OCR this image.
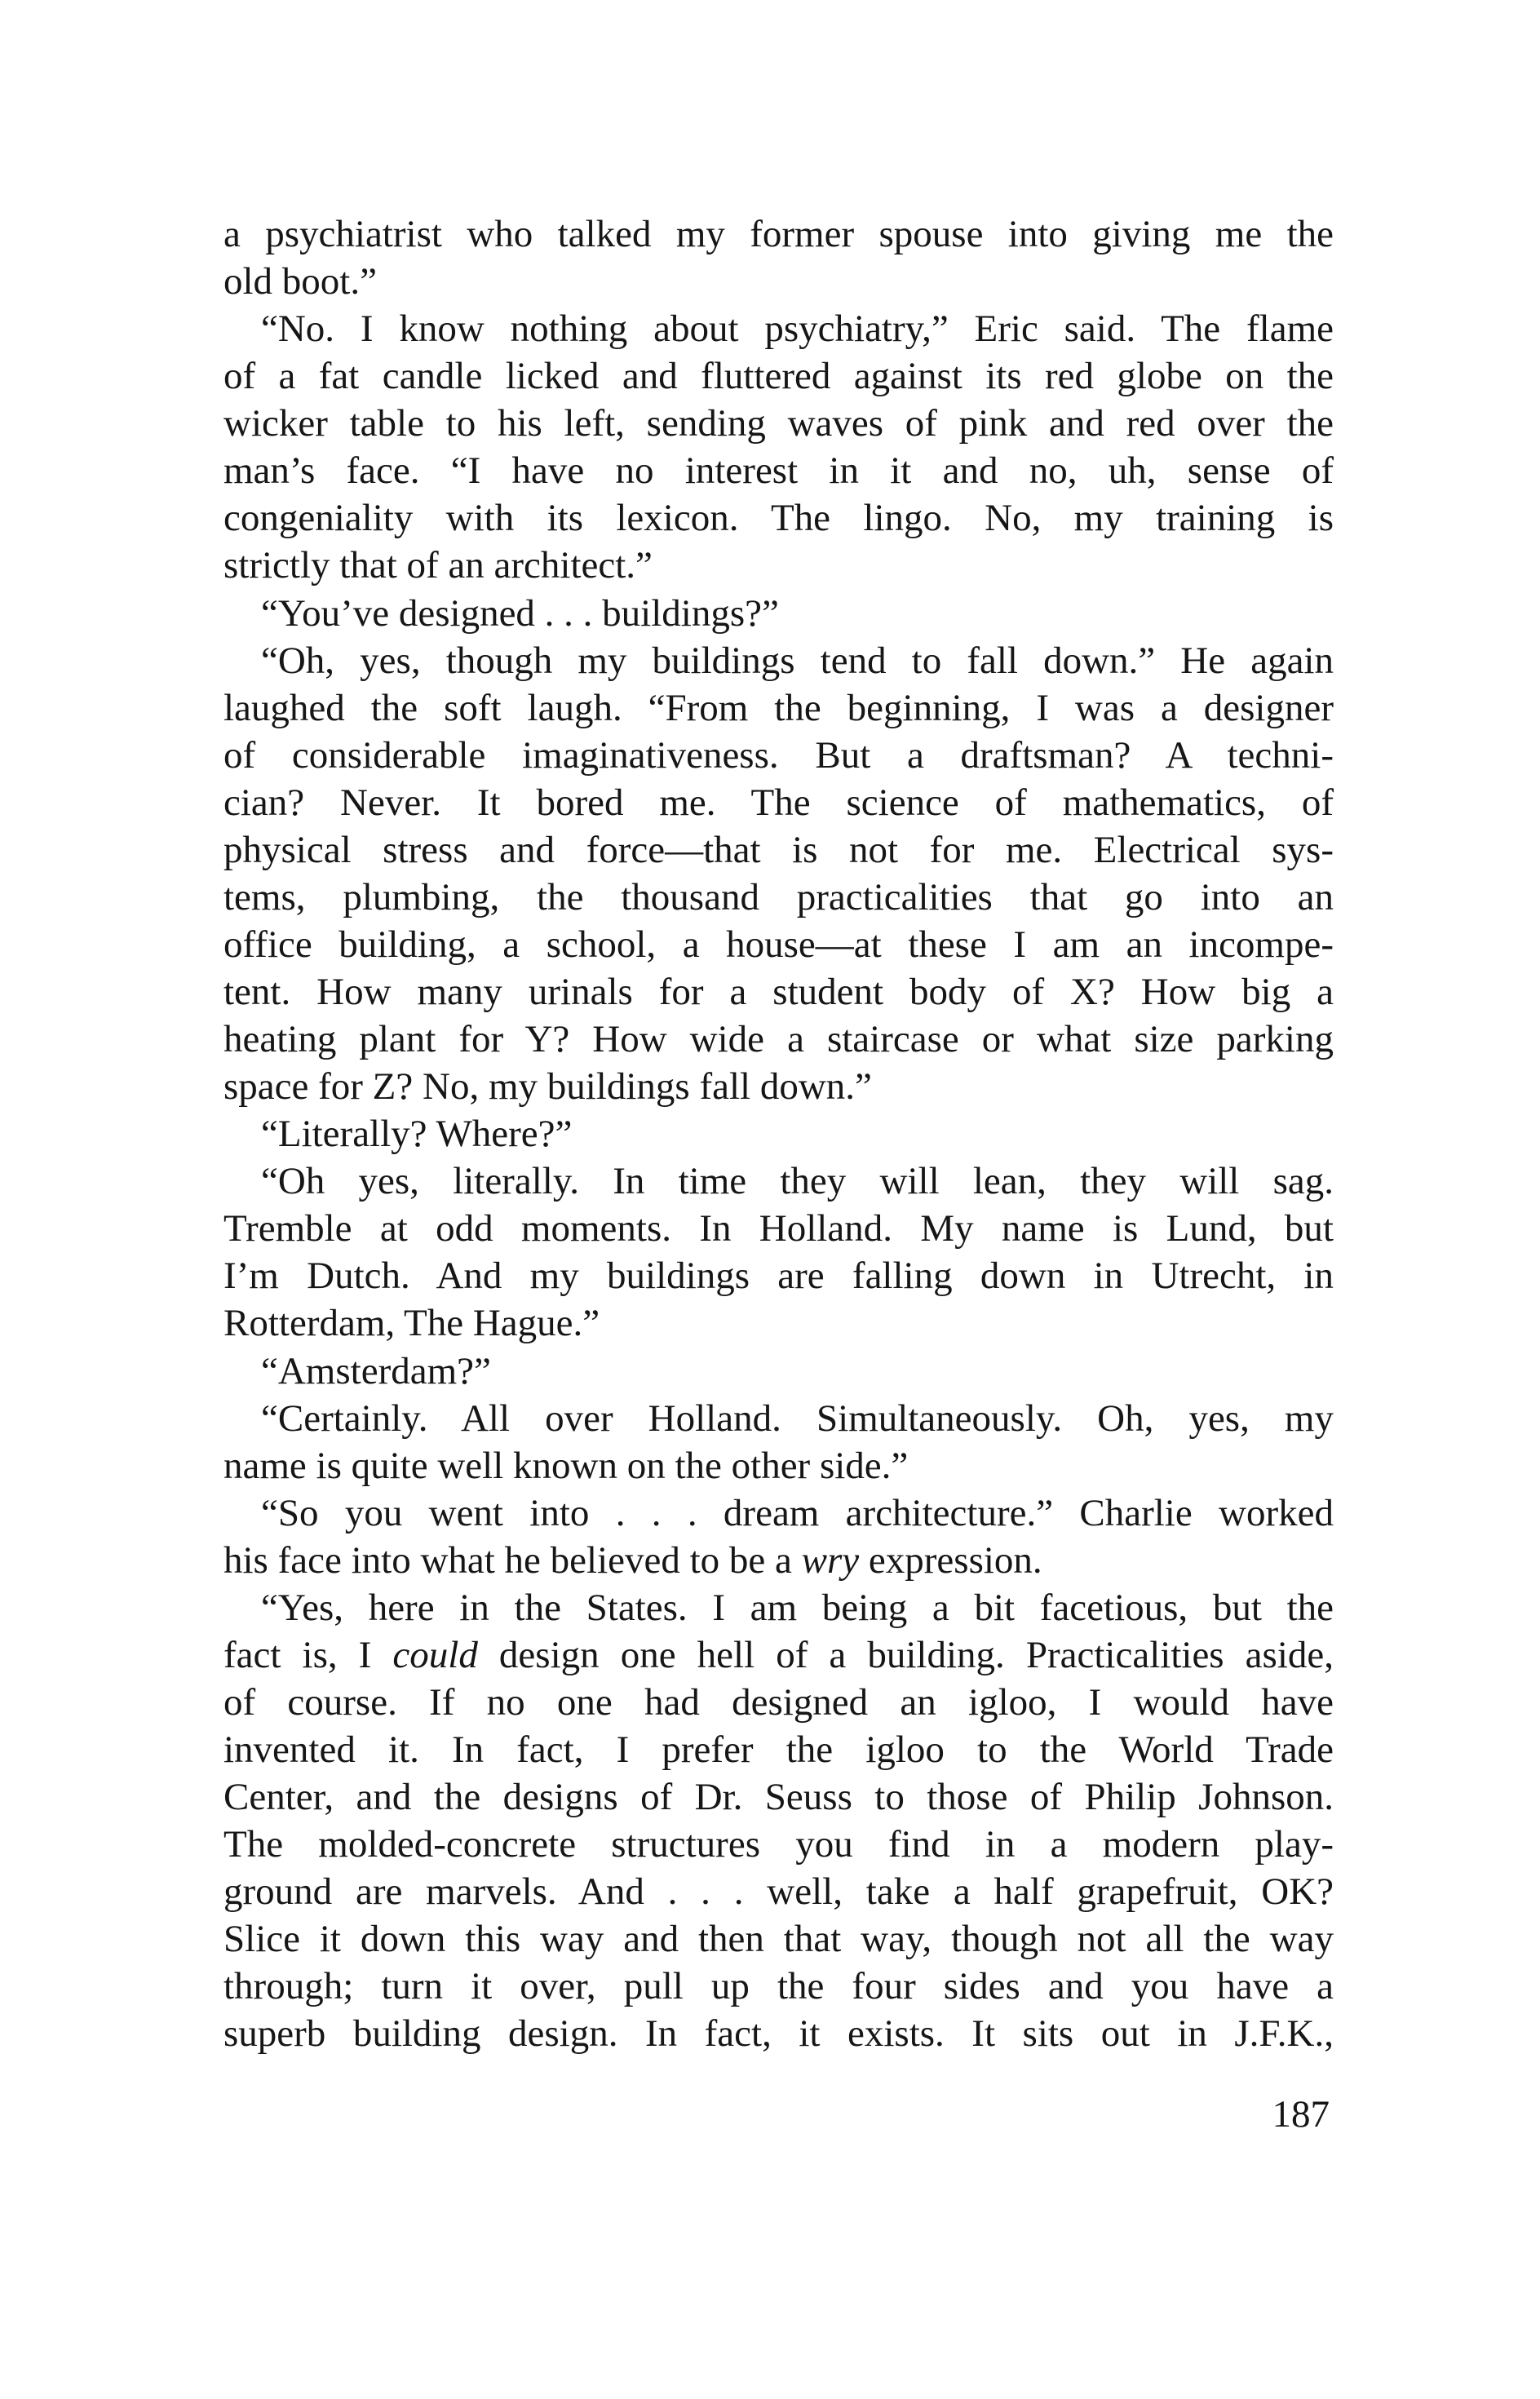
a psychiatrist who talked my former spouse into giving me the
old boot.”
“No. I know nothing about psychiatry,” Eric said. The flame
of a fat candle licked and fluttered against its red globe on the
wicker table to his left, sending waves of pink and red over the
man’s face. “I have no interest in it and no, uh, sense of
congeniality with its lexicon. The lingo. No, my training is
strictly that of an architect.”
“You’ve designed . . . buildings?”
“Oh, yes, though my buildings tend to fall down.” He again
laughed the soft laugh. “From the beginning, I was a designer
of considerable imaginativeness. But a draftsman? A techni-
cian? Never. It bored me. The science of mathematics, of
physical stress and force—that is not for me. Electrical sys-
tems, plumbing, the thousand practicalities that go into an
office building, a school, a house—at these I am an incompe-
tent. How many urinals for a student body of X? How big a
heating plant for Y? How wide a staircase or what size parking
space for Z? No, my buildings fall down.”
“Literally? Where?”
“Oh yes, literally. In time they will lean, they will sag.
Tremble at odd moments. In Holland. My name is Lund, but
I’m Dutch. And my buildings are falling down in Utrecht, in
Rotterdam, The Hague.”
“Amsterdam?”
“Certainly. All over Holland. Simultaneously. Oh, yes, my
name is quite well known on the other side.”
“So you went into . . . dream architecture.” Charlie worked
his face into what he believed to be a wry expression.
“Yes, here in the States. I am being a bit facetious, but the
fact is, I could design one hell of a building. Practicalities aside,
of course. If no one had designed an igloo, I would have
invented it. In fact, I prefer the igloo to the World Trade
Center, and the designs of Dr. Seuss to those of Philip Johnson.
The molded-concrete structures you find in a modern play-
ground are marvels. And . . . well, take a half grapefruit, OK?
Slice it down this way and then that way, though not all the way
through; turn it over, pull up the four sides and you have a
superb building design. In fact, it exists. It sits out in J.F.K.,
187
